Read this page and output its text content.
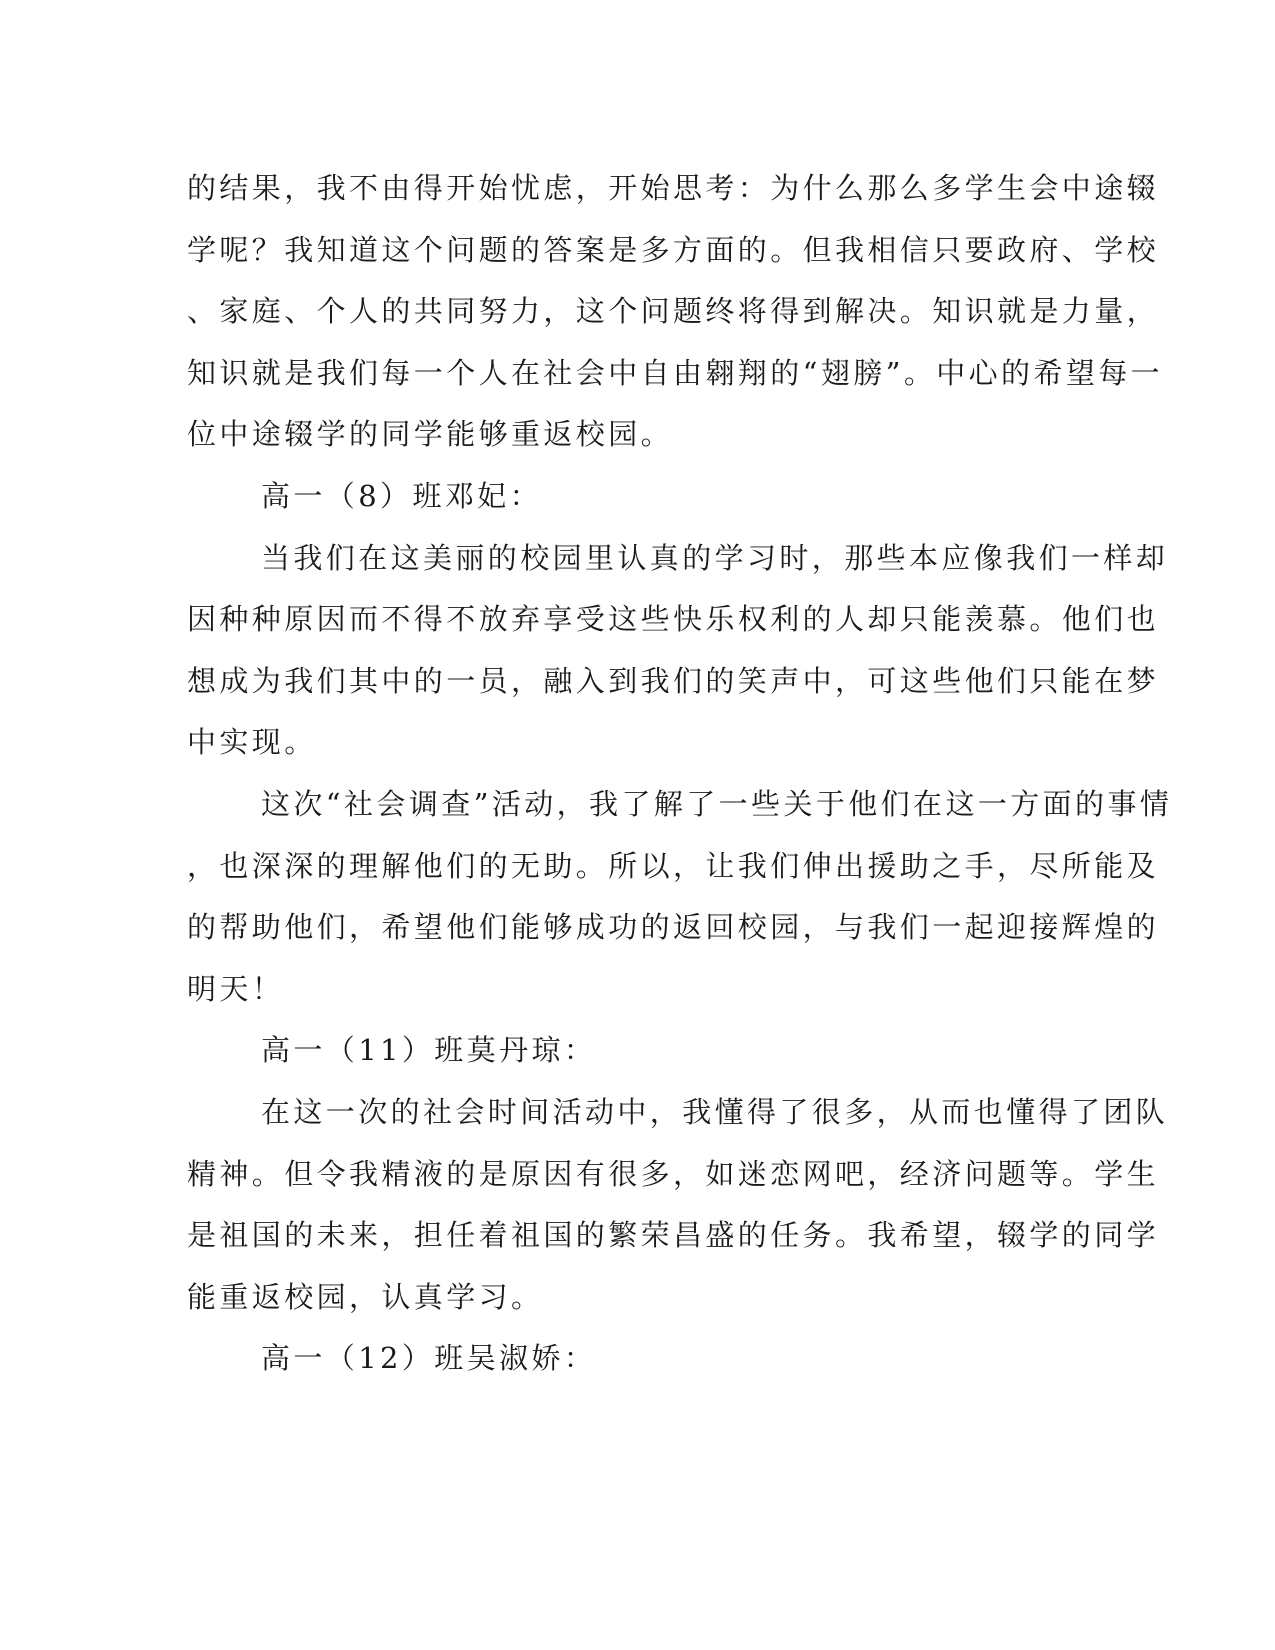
的结果，我不由得开始忧虑，开始思考：为什么那么多学生会中途辍
学呢？我知道这个问题的答案是多方面的。但我相信只要政府、学校
、家庭、个人的共同努力，这个问题终将得到解决。知识就是力量，
知识就是我们每一个人在社会中自由翱翔的“翅膀”。中心的希望每一
位中途辍学的同学能够重返校园。
高一（8）班邓妃：
当我们在这美丽的校园里认真的学习时，那些本应像我们一样却
因种种原因而不得不放弃享受这些快乐权利的人却只能羡慕。他们也
想成为我们其中的一员，融入到我们的笑声中，可这些他们只能在梦
中实现。
这次“社会调查”活动，我了解了一些关于他们在这一方面的事情
，也深深的理解他们的无助。所以，让我们伸出援助之手，尽所能及
的帮助他们，希望他们能够成功的返回校园，与我们一起迎接辉煌的
明天！
高一（11）班莫丹琼：
在这一次的社会时间活动中，我懂得了很多，从而也懂得了团队
精神。但令我精液的是原因有很多，如迷恋网吧，经济问题等。学生
是祖国的未来，担任着祖国的繁荣昌盛的任务。我希望，辍学的同学
能重返校园，认真学习。
高一（12）班吴淑娇：
